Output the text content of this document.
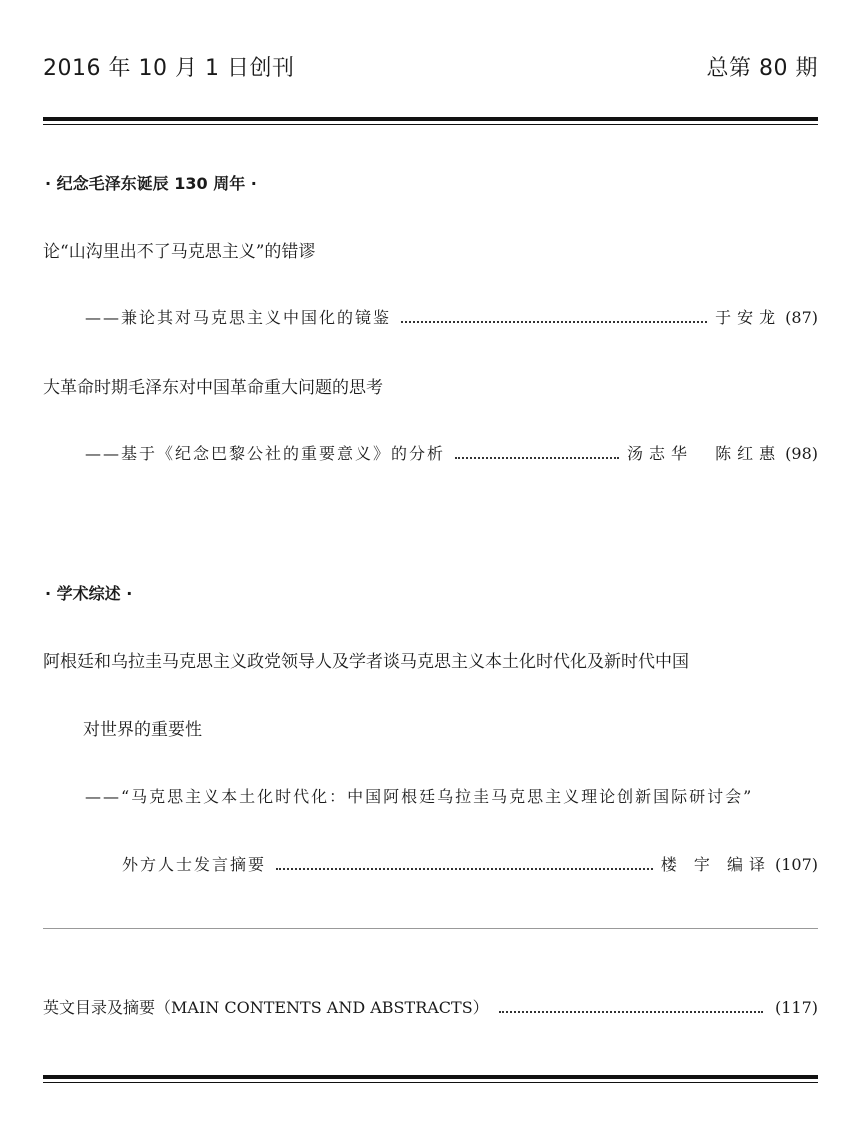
2016 年 10 月 1 日创刊	总第 80 期
· 纪念毛泽东诞辰 130 周年 ·
论“山沟里出不了马克思主义”的错谬
——兼论其对马克思主义中国化的镜鉴	于安龙 (87)
大革命时期毛泽东对中国革命重大问题的思考
——基于《纪念巴黎公社的重要意义》的分析	汤志华  陈红惠 (98)
· 学术综述 ·
阿根廷和乌拉圭马克思主义政党领导人及学者谈马克思主义本土化时代化及新时代中国
对世界的重要性
——“马克思主义本土化时代化：中国阿根廷乌拉圭马克思主义理论创新国际研讨会”
外方人士发言摘要	楼 宇 编译 (107)
英文目录及摘要（MAIN CONTENTS AND ABSTRACTS）	(117)
